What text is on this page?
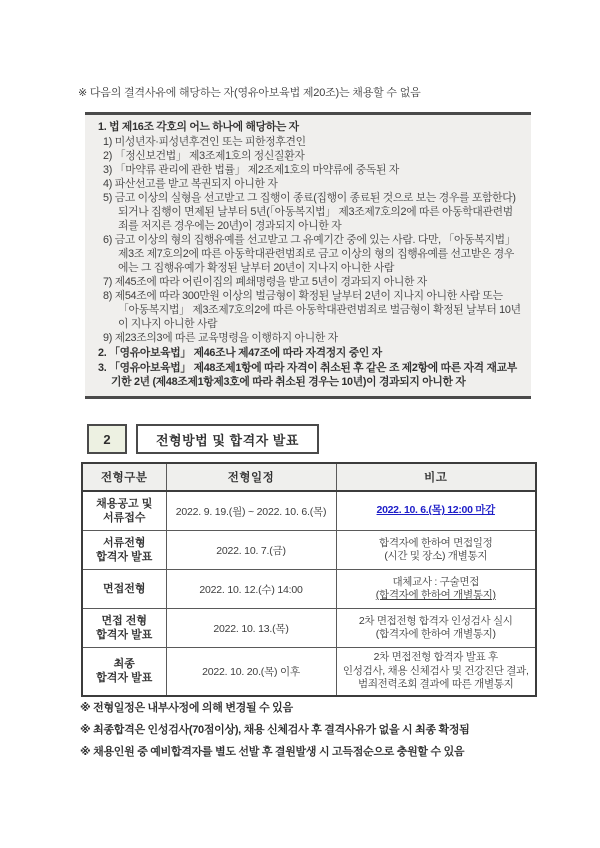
※ 다음의 결격사유에 해당하는 자(영유아보육법 제20조)는 채용할 수 없음
1. 법 제16조 각호의 어느 하나에 해당하는 자
1) 미성년자·피성년후견인 또는 피한정후견인
2) 「정신보건법」 제3조제1호의 정신질환자
3) 「마약류 관리에 관한 법률」 제2조제1호의 마약류에 중독된 자
4) 파산선고를 받고 복권되지 아니한 자
5) 금고 이상의 실형을 선고받고 그 집행이 종료(집행이 종료된 것으로 보는 경우를 포함한다) 되거나 집행이 면제된 날부터 5년(「아동복지법」 제3조제7호의2에 따른 아동학대관련범죄를 저지른 경우에는 20년)이 경과되지 아니한 자
6) 금고 이상의 형의 집행유예를 선고받고 그 유예기간 중에 있는 사람. 다만, 「아동복지법」 제3조 제7호의2에 따른 아동학대관련범죄로 금고 이상의 형의 집행유예를 선고받은 경우에는 그 집행유예가 확정된 날부터 20년이 지나지 아니한 사람
7) 제45조에 따라 어린이집의 폐쇄명령을 받고 5년이 경과되지 아니한 자
8) 제54조에 따라 300만원 이상의 벌금형이 확정된 날부터 2년이 지나지 아니한 사람 또는 「아동복지법」 제3조제7호의2에 따른 아동학대관련범죄로 벌금형이 확정된 날부터 10년이 지나지 아니한 사람
9) 제23조의3에 따른 교육명령을 이행하지 아니한 자
2. 「영유아보육법」 제46조나 제47조에 따라 자격정지 중인 자
3. 「영유아보육법」 제48조제1항에 따라 자격이 취소된 후 같은 조 제2항에 따른 자격 재교부 기한 2년 (제48조제1항제3호에 따라 취소된 경우는 10년)이 경과되지 아니한 자
2	전형방법 및 합격자 발표
전형구분	전형일정	비고
채용공고 및
서류접수	2022. 9. 19.(월) ~ 2022. 10. 6.(목)	2022. 10. 6.(목) 12:00 마감

서류전형
합격자 발표	2022. 10. 7.(금)	합격자에 한하여 면접일정
(시간 및 장소) 개별통지

면접전형	2022. 10. 12.(수) 14:00	대체교사 : 구술면접
(합격자에 한하여 개별통지)

면접 전형
합격자 발표	2022. 10. 13.(목)	2차 면접전형 합격자 인성검사 실시
(합격자에 한하여 개별통지)

최종
합격자 발표	2022. 10. 20.(목) 이후	2차 면접전형 합격자 발표 후
인성검사, 채용 신체검사 및 건강진단 결과,
범죄전력조회 결과에 따른 개별통지
※ 전형일정은 내부사정에 의해 변경될 수 있음
※ 최종합격은 인성검사(70점이상), 채용 신체검사 후 결격사유가 없을 시 최종 확정됨
※ 채용인원 중 예비합격자를 별도 선발 후 결원발생 시 고득점순으로 충원할 수 있음
